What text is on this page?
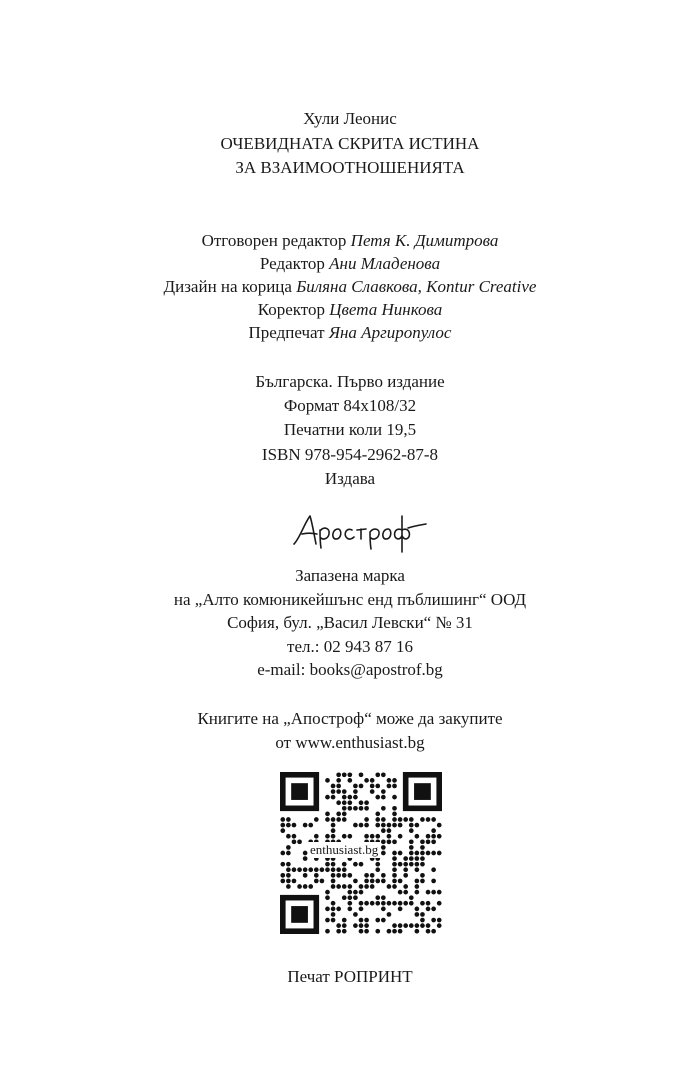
Хули Леонис
ОЧЕВИДНАТА СКРИТА ИСТИНА
ЗА ВЗАИМООТНОШЕНИЯТА
Отговорен редактор Петя К. Димитрова
Редактор Ани Младенова
Дизайн на корица Биляна Славкова, Kontur Creative
Коректор Цвета Нинкова
Предпечат Яна Аргиропулос
Българска. Първо издание
Формат 84x108/32
Печатни коли 19,5
ISBN 978-954-2962-87-8
Издава
Апостроф
Запазена марка
на „Алто комюникейшънс енд пъблишинг“ ООД
София, бул. „Васил Левски“ № 31
тел.: 02 943 87 16
e-mail: books@apostrof.bg
Книгите на „Апостроф“ може да закупите
от www.enthusiast.bg
enthusiast.bg
Печат РОПРИНТ
